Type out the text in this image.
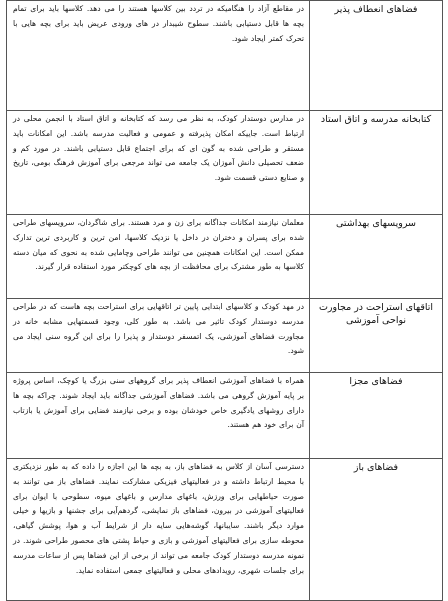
فضاهای انعطاف پذیر	در مقاطع آزاد را هنگامیکه در تردد بین کلاسها هستند را می دهد. کلاسها باید برای تمام بچه ها قابل دستیابی باشند. سطوح شیبدار در های ورودی عریض باید برای بچه هایی با تحرک کمتر ایجاد شود.
کتابخانه مدرسه و اتاق استاد	در مدارس دوستدار کودک، به نظر می رسد که کتابخانه و اتاق استاد با انجمن محلی در ارتباط است. جاییکه امکان پذیرفته و عمومی و فعالیت مدرسه باشد. این امکانات باید مستقر و طراحی شده به گون ای که برای اجتماع قابل دستیابی باشند. در مورد کم و ضعف تحصیلی دانش آموزان یک جامعه می تواند مرجعی برای آموزش فرهنگ بومی، تاریخ و صنایع دستی قسمت شود.
سرویسهای بهداشتی	معلمان نیازمند امکانات جداگانه برای زن و مرد هستند. برای شاگردان، سرویسهای طراحی شده برای پسران و دختران در داخل یا نزدیک کلاسها، امن ترین و کاربردی ترین تدارک ممکن است. این امکانات همچنین می توانند طراحی وچامایی شده به نحوی که میان دسته کلاسها به طور مشترک برای محافظت از بچه های کوچکتر مورد استفاده قرار گیرند.
اتاقهای استراحت در مجاورت نواحی آموزشی	در مهد کودک و کلاسهای ابتدایی پایین تر اتاقهایی برای استراحت بچه هاست که در طراحی مدرسه دوستدار کودک تاثیر می باشد. به طور کلی، وجود قسمتهایی مشابه خانه در مجاورت فضاهای آموزشی، یک اتمسفر دوستدار و پذیرا را برای این گروه سنی ایجاد می شود.
فضاهای مجزا	همراه با فضاهای آموزشی انعطاف پذیر برای گروههای سنی بزرگ یا کوچک، اساس پروژه بر پایه آموزش گروهی می باشد. فضاهای آموزشی جداگانه باید ایجاد شوند. چراکه بچه ها دارای روشهای یادگیری خاص خودشان بوده و برخی نیازمند فضایی برای آموزش یا بازتاب آن برای خود هم هستند.
فضاهای باز	دسترسی آسان از کلاس به فضاهای باز، به بچه ها این اجازه را داده که به طور نزدیکتری با محیط ارتباط داشته و در فعالیتهای فیزیکی مشارکت نمایند. فضاهای باز می توانند به صورت حیاطهایی برای ورزش، باغهای مدارس و باغهای میوه، سطوحی با ایوان برای فعالیتهای آموزشی در بیرون، فضاهای باز نمایشی، گردهم‌آیی برای جشنها و بازیها و خیلی موارد دیگر باشند. سایبانها، گوشه‌هایی سایه دار از شرایط آب و هوا، پوشش گیاهی، محوطه سازی برای فعالیتهای آموزشی و بازی و حیاط پشتی های محصور طراحی شوند. در نمونه مدرسه دوستدار کودک جامعه می تواند از برخی از این فضاها پس از ساعات مدرسه برای جلسات شهری، رویدادهای محلی و فعالیتهای جمعی استفاده نماید.
